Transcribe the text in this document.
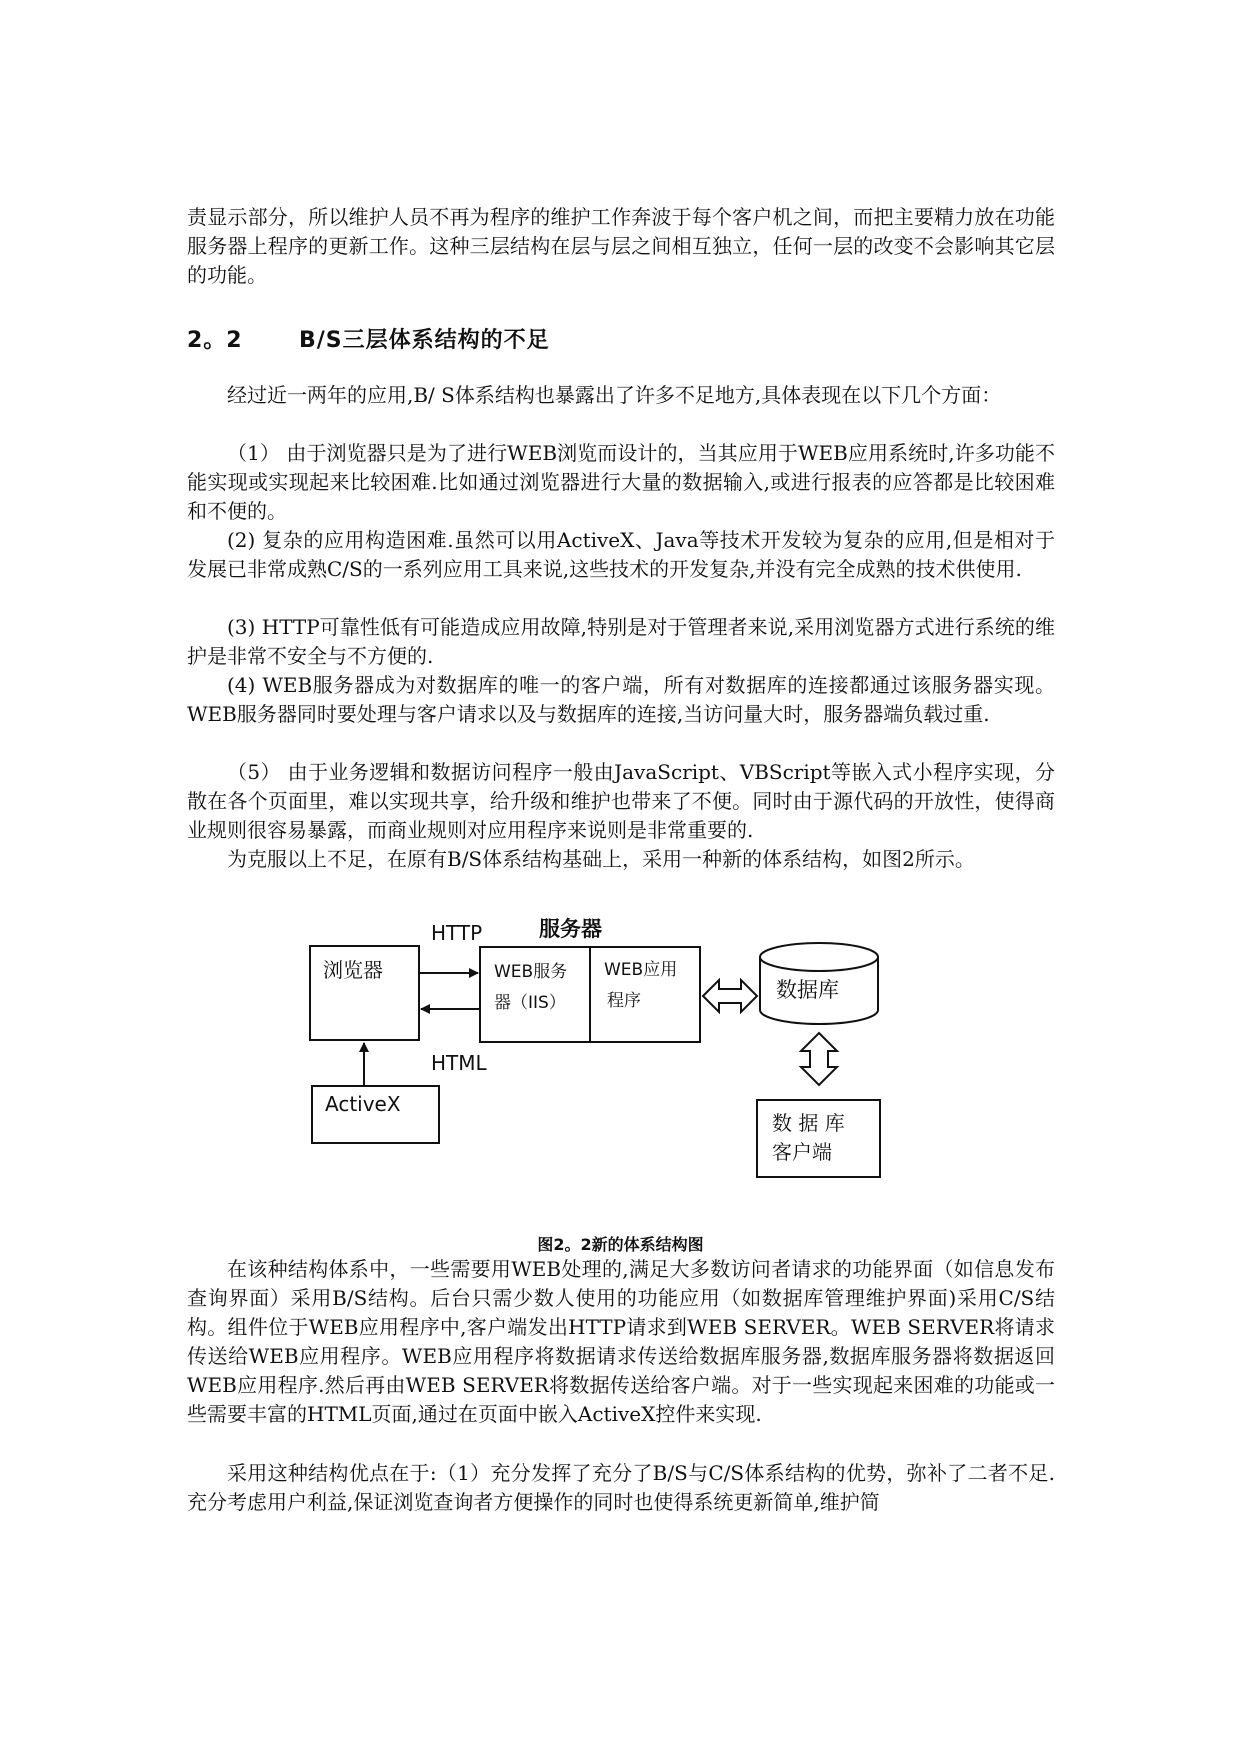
责显示部分，所以维护人员不再为程序的维护工作奔波于每个客户机之间，而把主要精力放在功能服务器上程序的更新工作。这种三层结构在层与层之间相互独立，任何一层的改变不会影响其它层的功能。

2。2	B/S三层体系结构的不足

经过近一两年的应用,B/ S体系结构也暴露出了许多不足地方,具体表现在以下几个方面：

（1） 由于浏览器只是为了进行WEB浏览而设计的，当其应用于WEB应用系统时,许多功能不能实现或实现起来比较困难.比如通过浏览器进行大量的数据输入,或进行报表的应答都是比较困难和不便的。

(2) 复杂的应用构造困难.虽然可以用ActiveX、Java等技术开发较为复杂的应用,但是相对于发展已非常成熟C/S的一系列应用工具来说,这些技术的开发复杂,并没有完全成熟的技术供使用.

(3) HTTP可靠性低有可能造成应用故障,特别是对于管理者来说,采用浏览器方式进行系统的维护是非常不安全与不方便的.

(4) WEB服务器成为对数据库的唯一的客户端，所有对数据库的连接都通过该服务器实现。WEB服务器同时要处理与客户请求以及与数据库的连接,当访问量大时，服务器端负载过重.

（5） 由于业务逻辑和数据访问程序一般由JavaScript、VBScript等嵌入式小程序实现，分散在各个页面里，难以实现共享，给升级和维护也带来了不便。同时由于源代码的开放性，使得商业规则很容易暴露，而商业规则对应用程序来说则是非常重要的.

为克服以上不足，在原有B/S体系结构基础上，采用一种新的体系结构，如图2所示。

HTTP	服务器
浏览器	WEB服务
器（IIS）
WEB应用
程序	数据库
HTML
ActiveX
数 据 库
客户端

图2。2新的体系结构图

在该种结构体系中，一些需要用WEB处理的,满足大多数访问者请求的功能界面（如信息发布查询界面）采用B/S结构。后台只需少数人使用的功能应用（如数据库管理维护界面)采用C/S结构。组件位于WEB应用程序中,客户端发出HTTP请求到WEB SERVER。WEB SERVER将请求传送给WEB应用程序。WEB应用程序将数据请求传送给数据库服务器,数据库服务器将数据返回WEB应用程序.然后再由WEB SERVER将数据传送给客户端。对于一些实现起来困难的功能或一些需要丰富的HTML页面,通过在页面中嵌入ActiveX控件来实现.

采用这种结构优点在于:（1）充分发挥了充分了B/S与C/S体系结构的优势，弥补了二者不足.充分考虑用户利益,保证浏览查询者方便操作的同时也使得系统更新简单,维护简
